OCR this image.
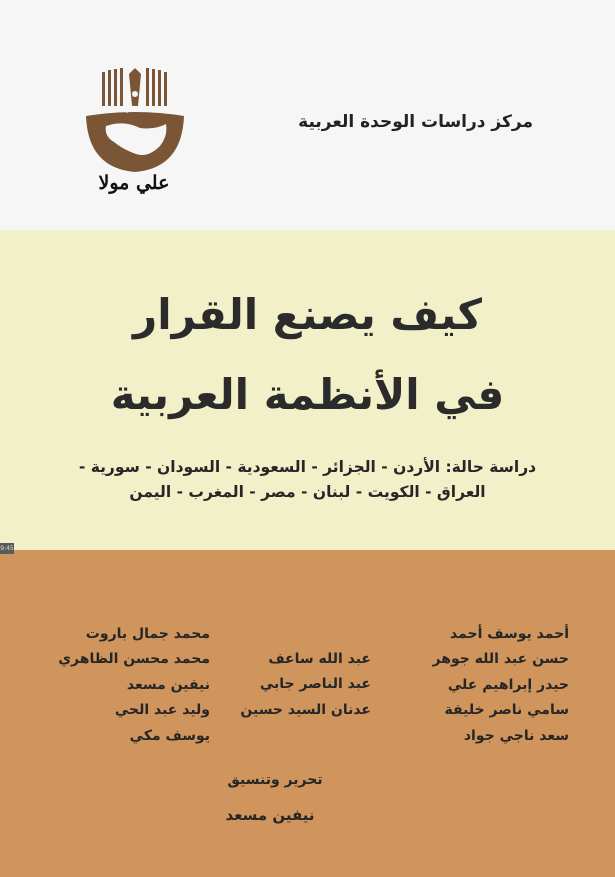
مركز دراسات الوحدة العربية
علي مولا
مركز دراسات الوحدة العربية
كيف يصنع القرار
في الأنظمة العربية
دراسة حالة: الأردن - الجزائر - السعودية - السودان - سورية -
العراق - الكويت - لبنان - مصر - المغرب - اليمن
9:45
أحمد يوسف أحمد
حسن عبد الله جوهر
حيدر إبراهيم علي
سامي ناصر خليفة
سعد ناجي جواد
عبد الله ساعف
عبد الناصر جابي
عدنان السيد حسين
محمد جمال باروت
محمد محسن الظاهري
نيفين مسعد
وليد عبد الحي
يوسف مكي
تحرير وتنسيق
نيفين مسعد
